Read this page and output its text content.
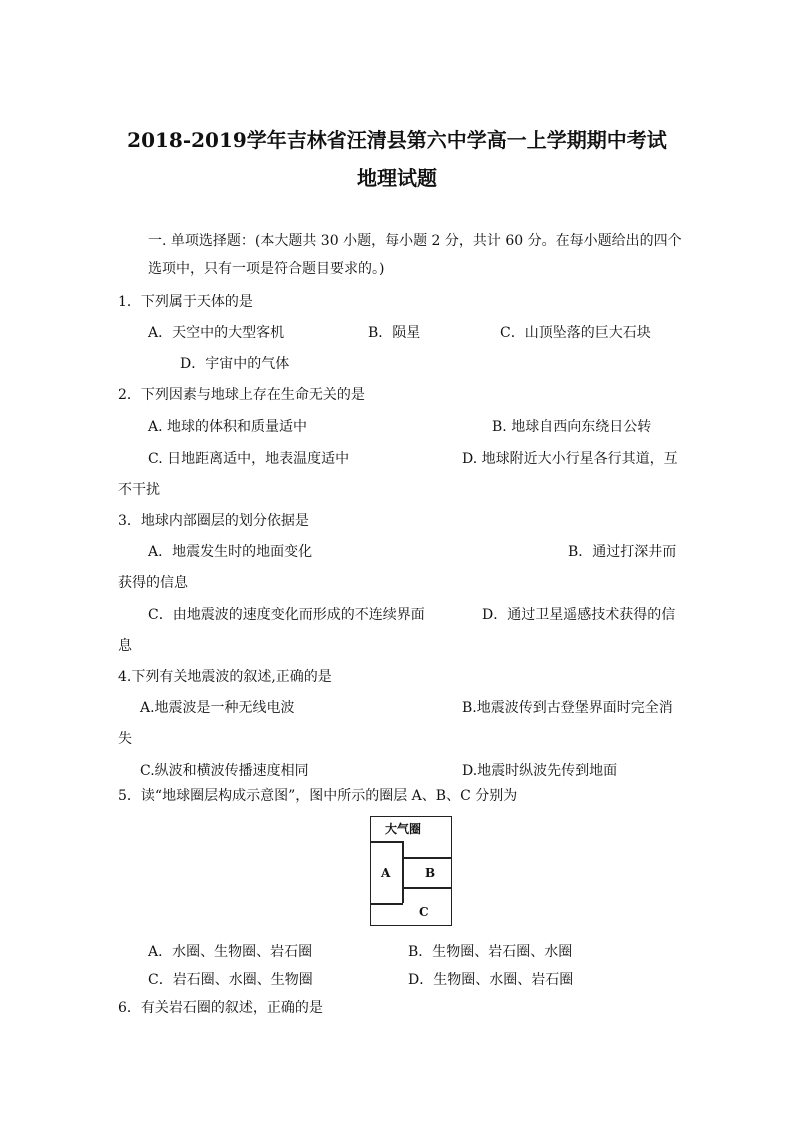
2018-2019学年吉林省汪清县第六中学高一上学期期中考试
地理试题
一. 单项选择题：(本大题共 30 小题，每小题 2 分，共计 60 分。在每小题给出的四个
选项中，只有一项是符合题目要求的。)
1．下列属于天体的是
A．天空中的大型客机	B．陨星	C．山顶坠落的巨大石块
D．宇宙中的气体
2．下列因素与地球上存在生命无关的是
A. 地球的体积和质量适中	B. 地球自西向东绕日公转
C. 日地距离适中，地表温度适中	D. 地球附近大小行星各行其道，互
不干扰
3．地球内部圈层的划分依据是
A．地震发生时的地面变化	B．通过打深井而
获得的信息
C．由地震波的速度变化而形成的不连续界面	D．通过卫星遥感技术获得的信
息
4.下列有关地震波的叙述,正确的是
A.地震波是一种无线电波	B.地震波传到古登堡界面时完全消
失
C.纵波和横波传播速度相同	D.地震时纵波先传到地面
5．读“地球圈层构成示意图”，图中所示的圈层 A、B、C 分别为
大气圈
A	B
C
A．水圈、生物圈、岩石圈	B．生物圈、岩石圈、水圈
C．岩石圈、水圈、生物圈	D．生物圈、水圈、岩石圈
6．有关岩石圈的叙述，正确的是
